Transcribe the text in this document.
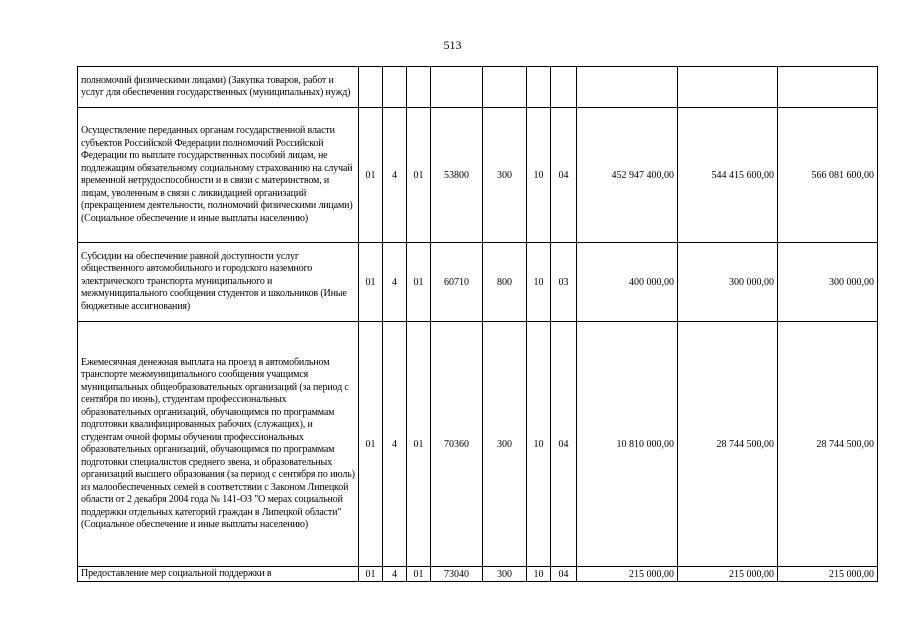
513
полномочий физическими лицами) (Закупка товаров, работ и услуг для обеспечения государственных (муниципальных) нужд)										
Осуществление переданных органам государственной власти субъектов Российской Федерации полномочий Российской Федерации по выплате государственных пособий лицам, не подлежащим обязательному социальному страхованию на случай временной нетрудоспособности и в связи с материнством, и лицам, уволенным в связи с ликвидацией организаций (прекращением деятельности, полномочий физическими лицами) (Социальное обеспечение и иные выплаты населению)	01	4	01	53800	300	10	04	452 947 400,00	544 415 600,00	566 081 600,00
Субсидии на обеспечение равной доступности услуг общественного автомобильного и городского наземного электрического транспорта муниципального и межмуниципального сообщения студентов и школьников (Иные бюджетные ассигнования)	01	4	01	60710	800	10	03	400 000,00	300 000,00	300 000,00
Ежемесячная денежная выплата на проезд в автомобильном транспорте межмуниципального сообщения учащимся муниципальных общеобразовательных организаций (за период с сентября по июнь), студентам профессиональных образовательных организаций, обучающимся по программам подготовки квалифицированных рабочих (служащих), и студентам очной формы обучения профессиональных образовательных организаций, обучающимся по программам подготовки специалистов среднего звена, и образовательных организаций высшего образования (за период с сентября по июль) из малообеспеченных семей в соответствии с Законом Липецкой области от 2 декабря 2004 года № 141-ОЗ "О мерах социальной поддержки отдельных категорий граждан в Липецкой области" (Социальное обеспечение и иные выплаты населению)	01	4	01	70360	300	10	04	10 810 000,00	28 744 500,00	28 744 500,00
Предоставление мер социальной поддержки в	01	4	01	73040	300	10	04	215 000,00	215 000,00	215 000,00
